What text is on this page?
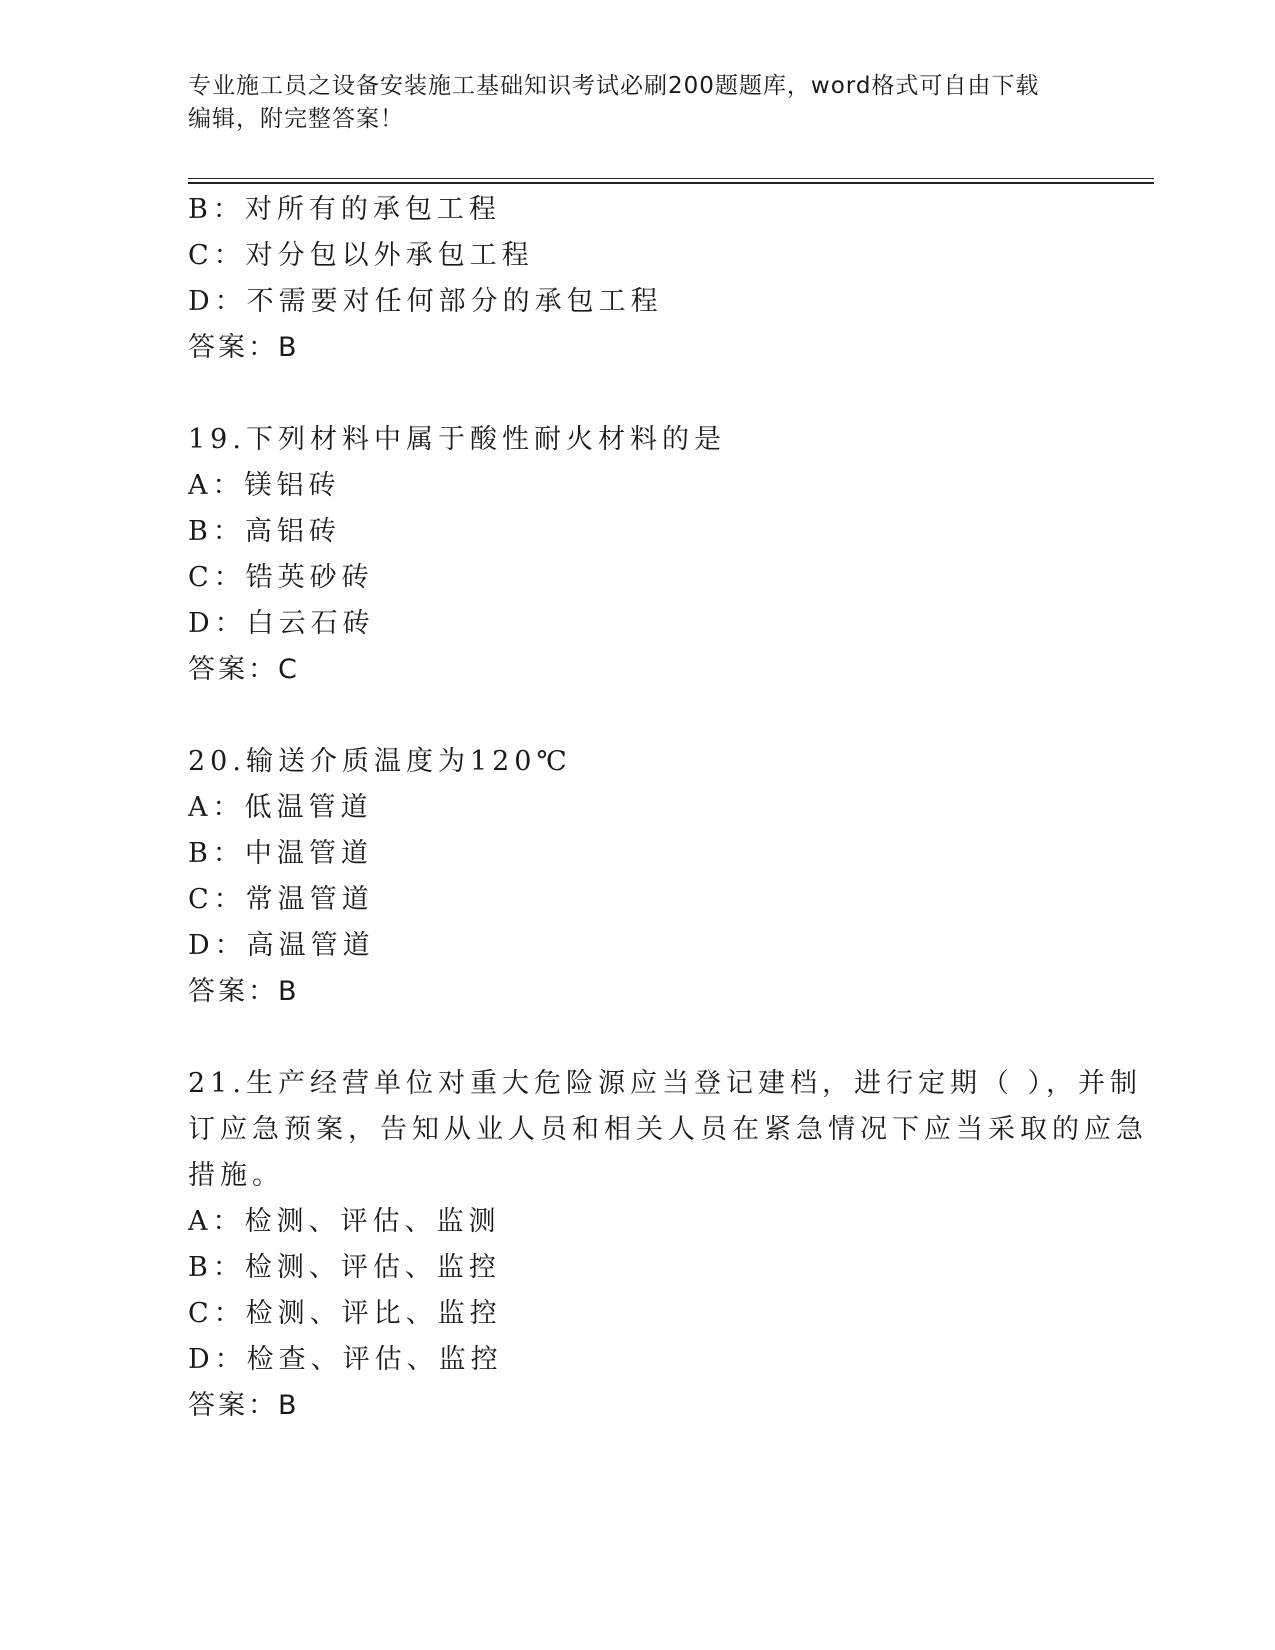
专业施工员之设备安装施工基础知识考试必刷200题题库，word格式可自由下载
编辑，附完整答案！
B：对所有的承包工程
C：对分包以外承包工程
D：不需要对任何部分的承包工程
答案：B
19.下列材料中属于酸性耐火材料的是
A：镁铝砖
B：高铝砖
C：锆英砂砖
D：白云石砖
答案：C
20.输送介质温度为120℃
A：低温管道
B：中温管道
C：常温管道
D：高温管道
答案：B
21.生产经营单位对重大危险源应当登记建档，进行定期（ ），并制
订应急预案，告知从业人员和相关人员在紧急情况下应当采取的应急
措施。
A：检测、评估、监测
B：检测、评估、监控
C：检测、评比、监控
D：检查、评估、监控
答案：B
